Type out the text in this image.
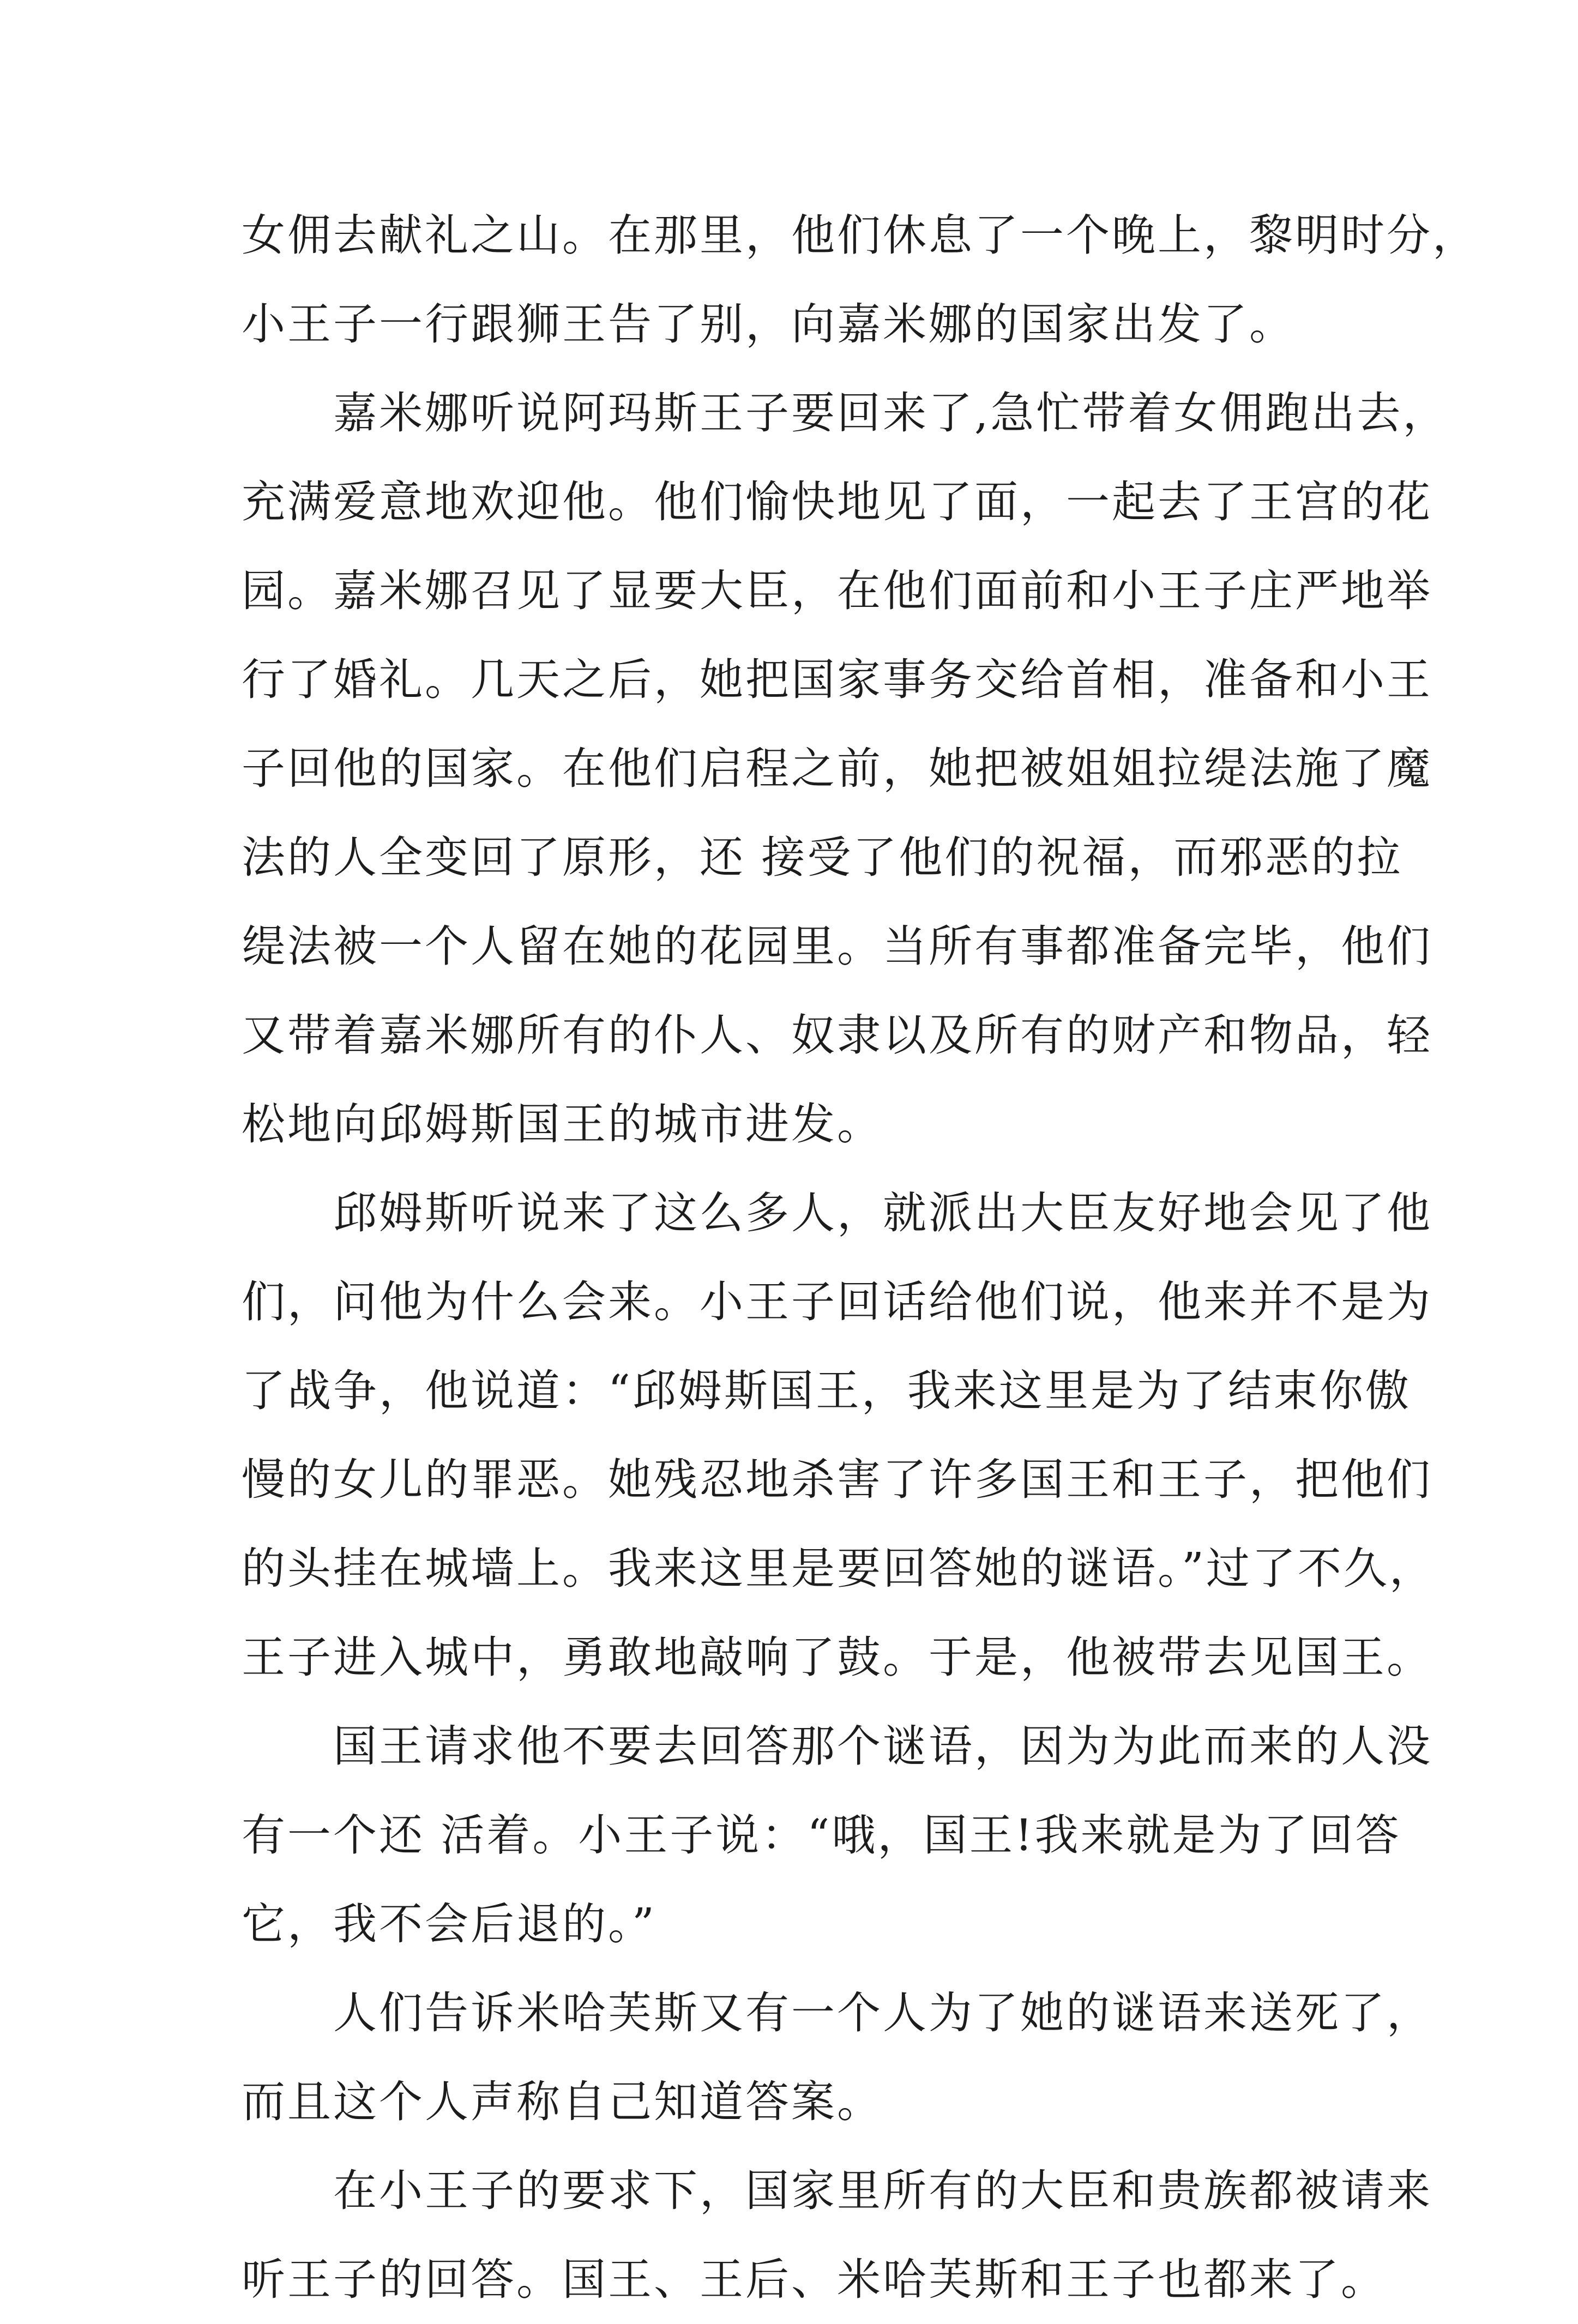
女佣去献礼之山。在那里，他们休息了一个晚上，黎明时分，
小王子一行跟狮王告了别，向嘉米娜的国家出发了。
　　嘉米娜听说阿玛斯王子要回来了,急忙带着女佣跑出去，
充满爱意地欢迎他。他们愉快地见了面，一起去了王宫的花
园。嘉米娜召见了显要大臣，在他们面前和小王子庄严地举
行了婚礼。几天之后，她把国家事务交给首相，准备和小王
子回他的国家。在他们启程之前，她把被姐姐拉缇法施了魔
法的人全变回了原形，还 接受了他们的祝福，而邪恶的拉
缇法被一个人留在她的花园里。当所有事都准备完毕，他们
又带着嘉米娜所有的仆人、奴隶以及所有的财产和物品，轻
松地向邱姆斯国王的城市进发。
　　邱姆斯听说来了这么多人，就派出大臣友好地会见了他
们，问他为什么会来。小王子回话给他们说，他来并不是为
了战争，他说道：“邱姆斯国王，我来这里是为了结束你傲
慢的女儿的罪恶。她残忍地杀害了许多国王和王子，把他们
的头挂在城墙上。我来这里是要回答她的谜语。”过了不久，
王子进入城中，勇敢地敲响了鼓。于是，他被带去见国王。
　　国王请求他不要去回答那个谜语，因为为此而来的人没
有一个还 活着。小王子说：“哦，国王!我来就是为了回答
它，我不会后退的。”
　　人们告诉米哈芙斯又有一个人为了她的谜语来送死了，
而且这个人声称自己知道答案。
　　在小王子的要求下，国家里所有的大臣和贵族都被请来
听王子的回答。国王、王后、米哈芙斯和王子也都来了。
